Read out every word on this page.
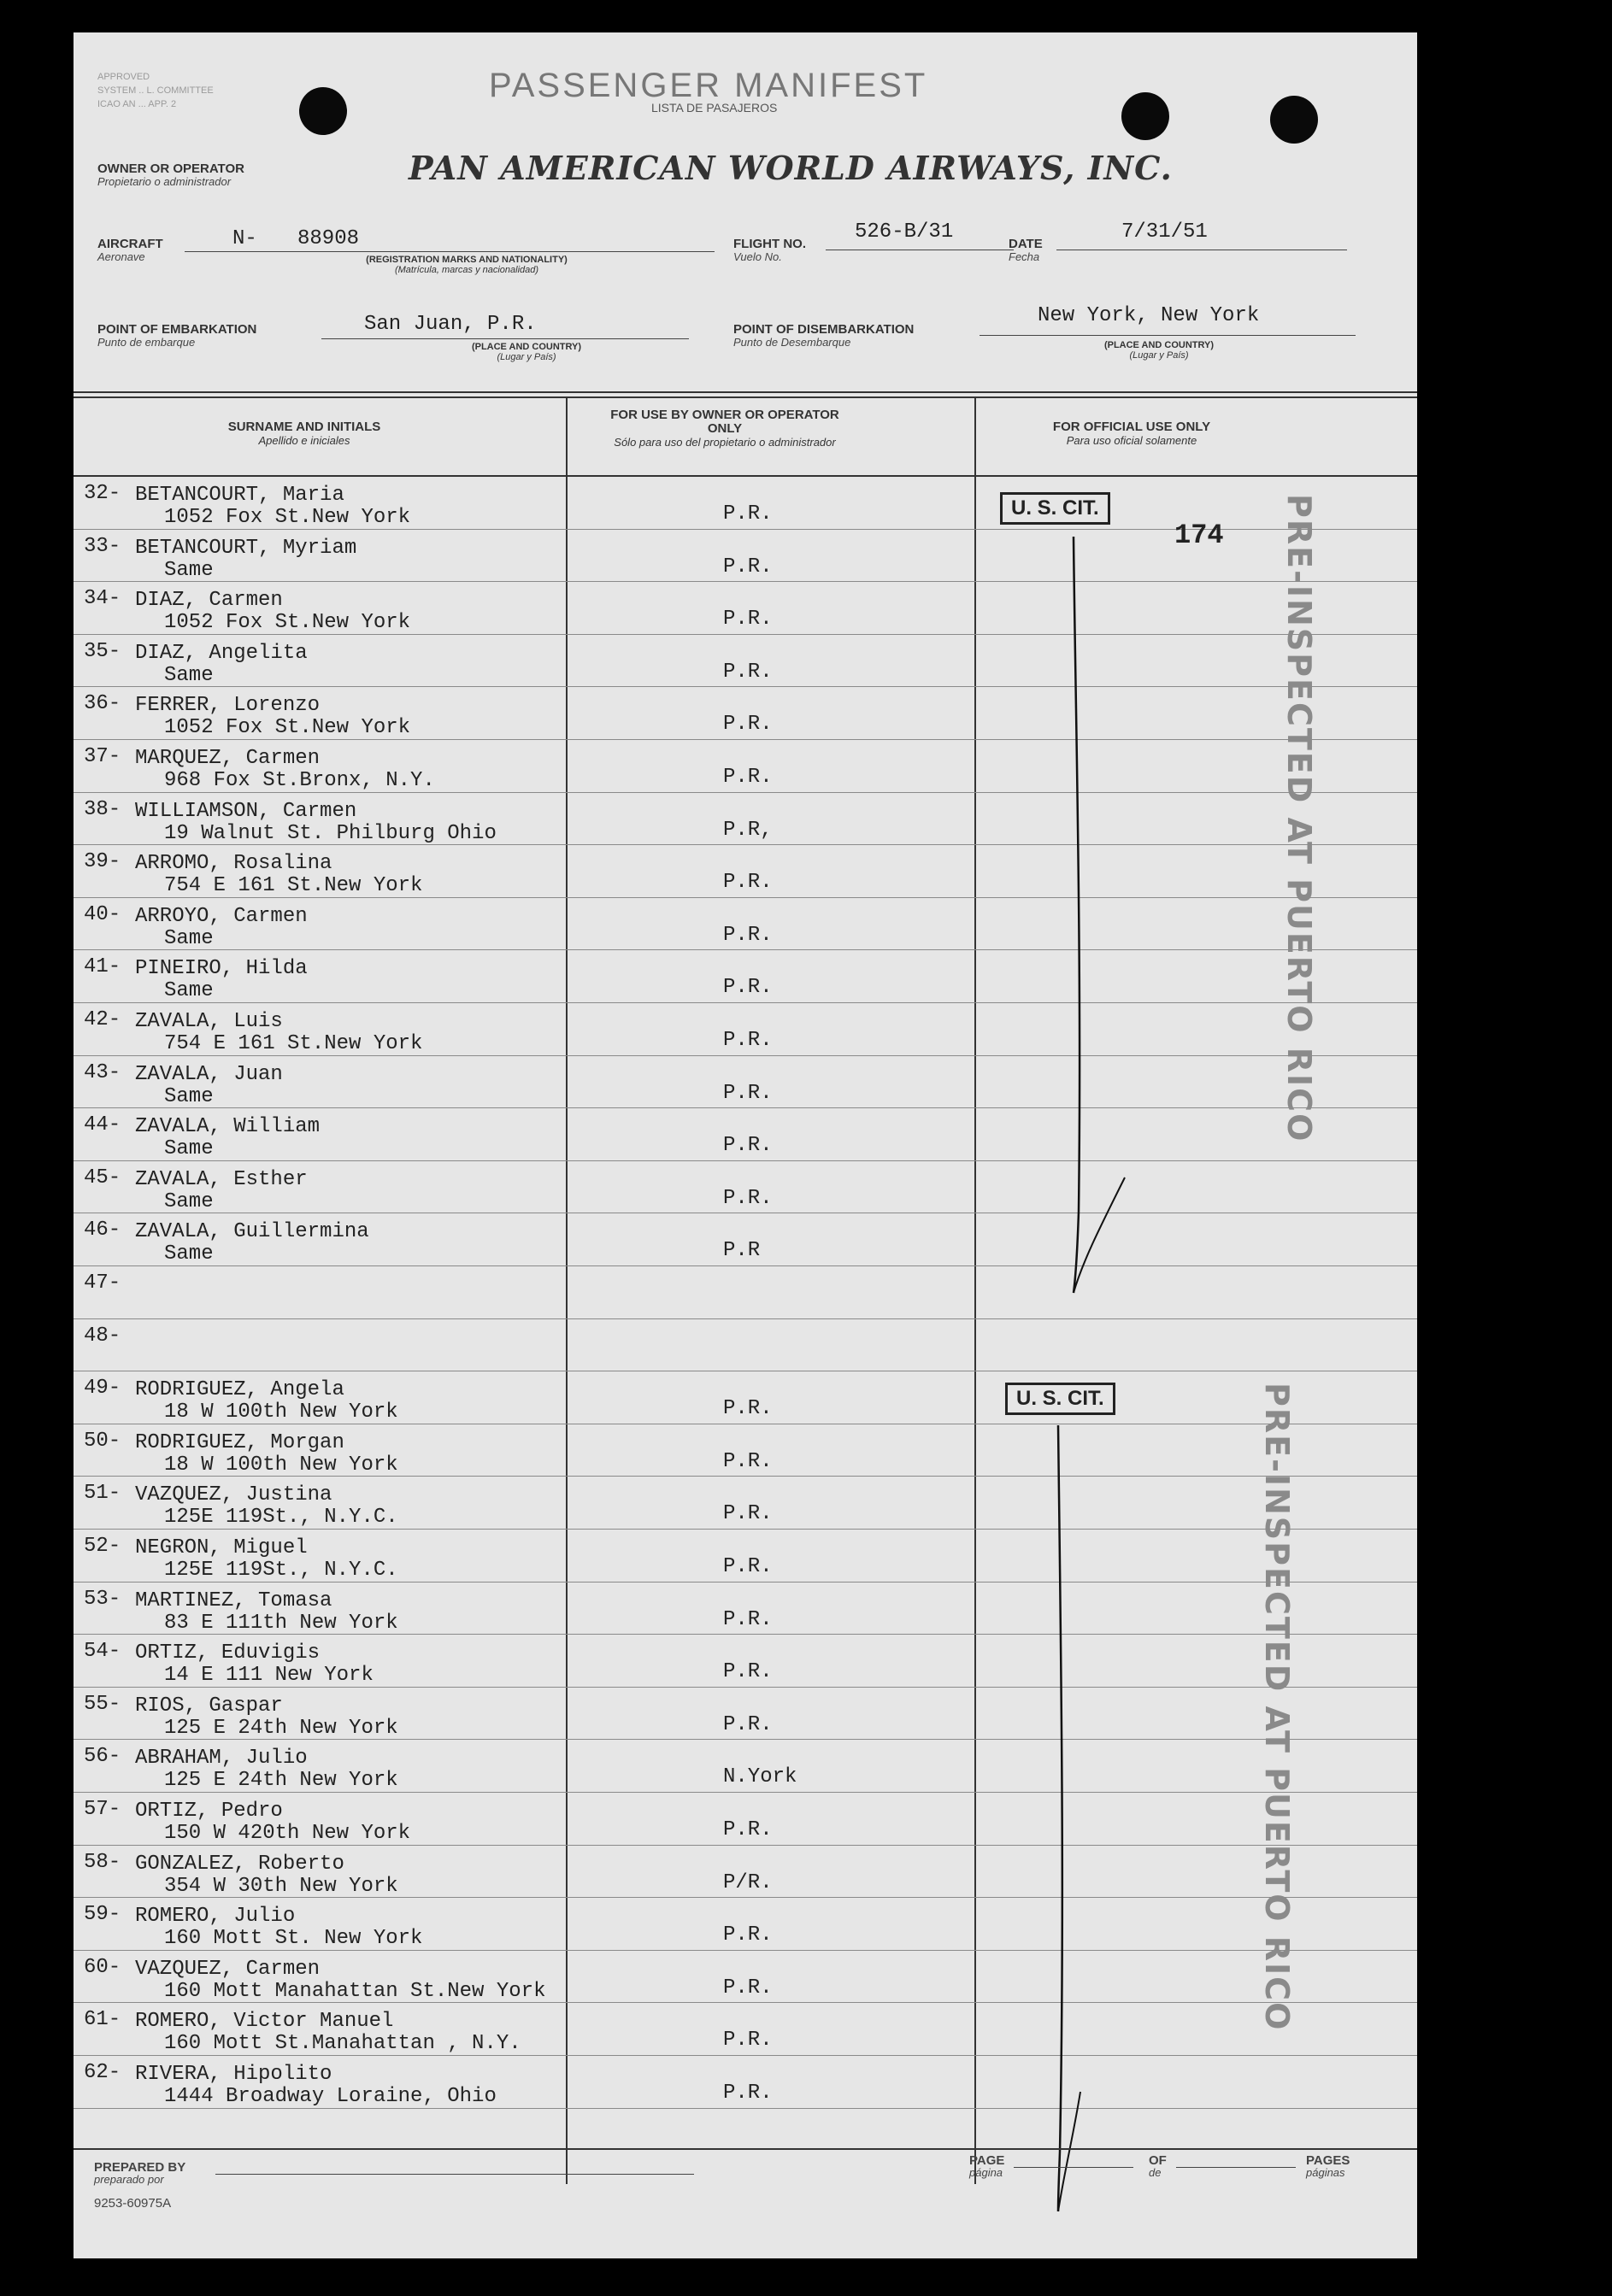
APPROVED
SYSTEM .. L. COMMITTEE
ICAO AN ... APP. 2	PASSENGER MANIFEST
LISTA DE PASAJEROS
OWNER OR OPERATOR
Propietario o administrador	PAN AMERICAN WORLD AIRWAYS, INC.
AIRCRAFT
Aeronave
N- 88908
(REGISTRATION MARKS AND NATIONALITY)
(Matrícula, marcas y nacionalidad)
FLIGHT NO.
Vuelo No.
526-B/31
DATE
Fecha
7/31/51
POINT OF EMBARKATION
Punto de embarque
San Juan, P.R.
(PLACE AND COUNTRY)
(Lugar y País)
POINT OF DISEMBARKATION
Punto de Desembarque
New York, New York
(PLACE AND COUNTRY)
(Lugar y País)
SURNAME AND INITIALS
Apellido e iniciales
FOR USE BY OWNER OR OPERATOR ONLY
Sólo para uso del propietario o administrador
FOR OFFICIAL USE ONLY
Para uso oficial solamente
32- BETANCOURT, Maria
1052 Fox St.New York	P.R.
33- BETANCOURT, Myriam
Same	P.R.
34- DIAZ, Carmen
1052 Fox St.New York	P.R.
35- DIAZ, Angelita
Same	P.R.
36- FERRER, Lorenzo
1052 Fox St.New York	P.R.
37- MARQUEZ, Carmen
968 Fox St.Bronx, N.Y.	P.R.
38- WILLIAMSON, Carmen
19 Walnut St. Philburg Ohio	P.R,
39- ARROMO, Rosalina
754 E 161 St.New York	P.R.
40- ARROYO, Carmen
Same	P.R.
41- PINEIRO, Hilda
Same	P.R.
42- ZAVALA, Luis
754 E 161 St.New York	P.R.
43- ZAVALA, Juan
Same	P.R.
44- ZAVALA, William
Same	P.R.
45- ZAVALA, Esther
Same	P.R.
46- ZAVALA, Guillermina
Same	P.R
47-
48-
49- RODRIGUEZ, Angela
18 W 100th New York	P.R.
50- RODRIGUEZ, Morgan
18 W 100th New York	P.R.
51- VAZQUEZ, Justina
125E 119St., N.Y.C.	P.R.
52- NEGRON, Miguel
125E 119St., N.Y.C.	P.R.
53- MARTINEZ, Tomasa
83 E 111th New York	P.R.
54- ORTIZ, Eduvigis
14 E 111 New York	P.R.
55- RIOS, Gaspar
125 E 24th New York	P.R.
56- ABRAHAM, Julio
125 E 24th New York	N.York
57- ORTIZ, Pedro
150 W 420th New York	P.R.
58- GONZALEZ, Roberto
354 W 30th New York	P/R.
59- ROMERO, Julio
160 Mott St. New York	P.R.
60- VAZQUEZ, Carmen
160 Mott Manahattan St.New York	P.R.
61- ROMERO, Victor Manuel
160 Mott St.Manahattan , N.Y.	P.R.
62- RIVERA, Hipolito
1444 Broadway Loraine, Ohio	P.R.
U. S. CIT.
174 PRE-INSPECTED AT PUERTO RICO
U. S. CIT.	PRE-INSPECTED AT PUERTO RICO
PREPARED BY
preparado por
PAGE
página
OF
de
PAGES
páginas
9253-60975A
